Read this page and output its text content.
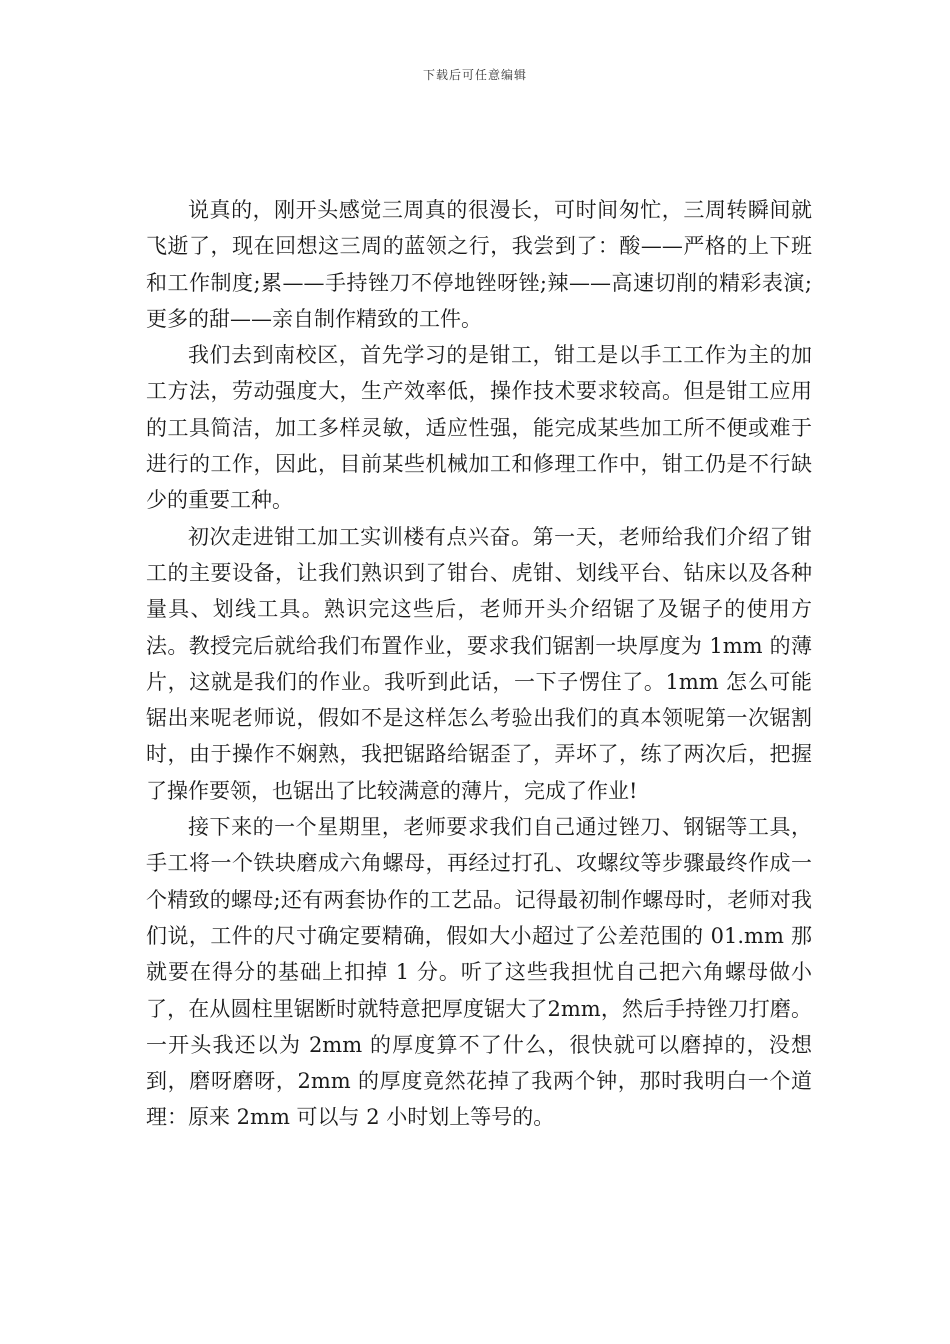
下载后可任意编辑

说真的，刚开头感觉三周真的很漫长，可时间匆忙，三周转瞬间就飞逝了，现在回想这三周的蓝领之行，我尝到了：酸——严格的上下班和工作制度;累——手持锉刀不停地锉呀锉;辣——高速切削的精彩表演;更多的甜——亲自制作精致的工件。

我们去到南校区，首先学习的是钳工，钳工是以手工工作为主的加工方法，劳动强度大，生产效率低，操作技术要求较高。但是钳工应用的工具简洁，加工多样灵敏，适应性强，能完成某些加工所不便或难于进行的工作，因此，目前某些机械加工和修理工作中，钳工仍是不行缺少的重要工种。

初次走进钳工加工实训楼有点兴奋。第一天，老师给我们介绍了钳工的主要设备，让我们熟识到了钳台、虎钳、划线平台、钻床以及各种量具、划线工具。熟识完这些后，老师开头介绍锯了及锯子的使用方法。教授完后就给我们布置作业，要求我们锯割一块厚度为 1mm 的薄片，这就是我们的作业。我听到此话，一下子愣住了。1mm 怎么可能锯出来呢老师说，假如不是这样怎么考验出我们的真本领呢第一次锯割时，由于操作不娴熟，我把锯路给锯歪了，弄坏了，练了两次后，把握了操作要领，也锯出了比较满意的薄片，完成了作业!

接下来的一个星期里，老师要求我们自己通过锉刀、钢锯等工具，手工将一个铁块磨成六角螺母，再经过打孔、攻螺纹等步骤最终作成一个精致的螺母;还有两套协作的工艺品。记得最初制作螺母时，老师对我们说，工件的尺寸确定要精确，假如大小超过了公差范围的 01.mm 那就要在得分的基础上扣掉 1 分。听了这些我担忧自己把六角螺母做小了，在从圆柱里锯断时就特意把厚度锯大了2mm，然后手持锉刀打磨。一开头我还以为 2mm 的厚度算不了什么，很快就可以磨掉的，没想到，磨呀磨呀，2mm 的厚度竟然花掉了我两个钟，那时我明白一个道理：原来 2mm 可以与 2 小时划上等号的。
